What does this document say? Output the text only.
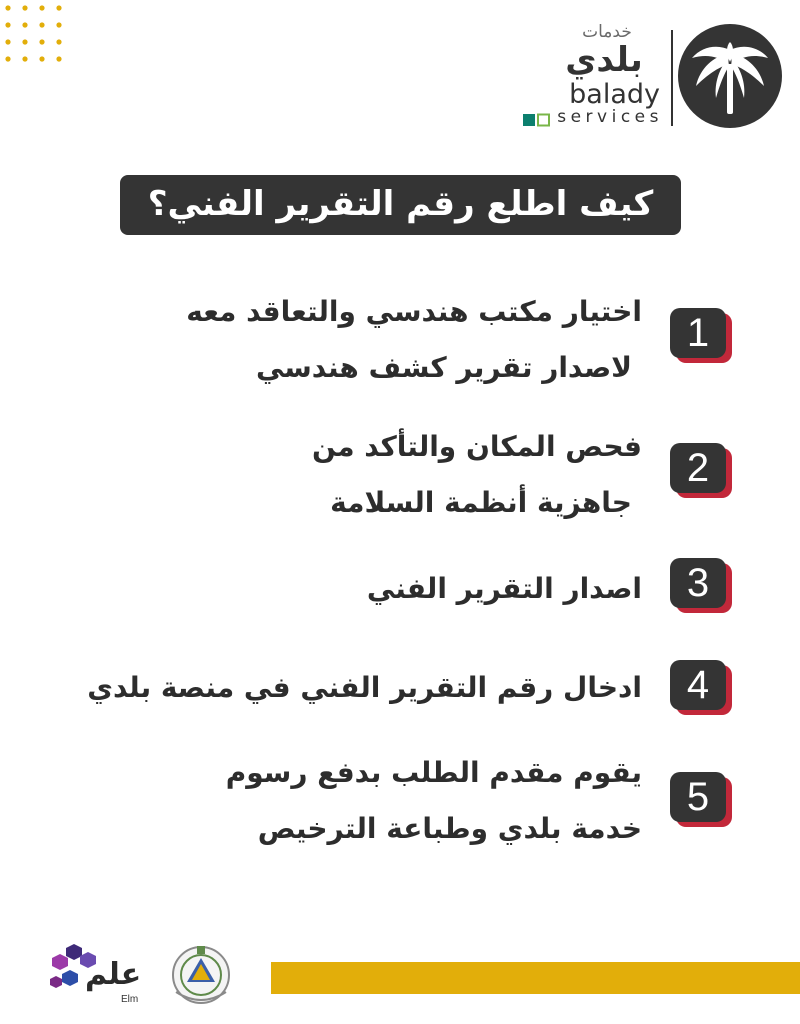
خدمات
بلدي
balady
services
كيف اطلع رقم التقرير الفني؟
اختيار مكتب هندسي والتعاقد معه
لاصدار تقرير كشف هندسي
1
فحص المكان والتأكد من
جاهزية أنظمة السلامة
2
اصدار التقرير الفني	3
ادخال رقم التقرير الفني في منصة بلدي	4
يقوم مقدم الطلب بدفع رسوم
خدمة بلدي وطباعة الترخيص
5
علم
Elm
